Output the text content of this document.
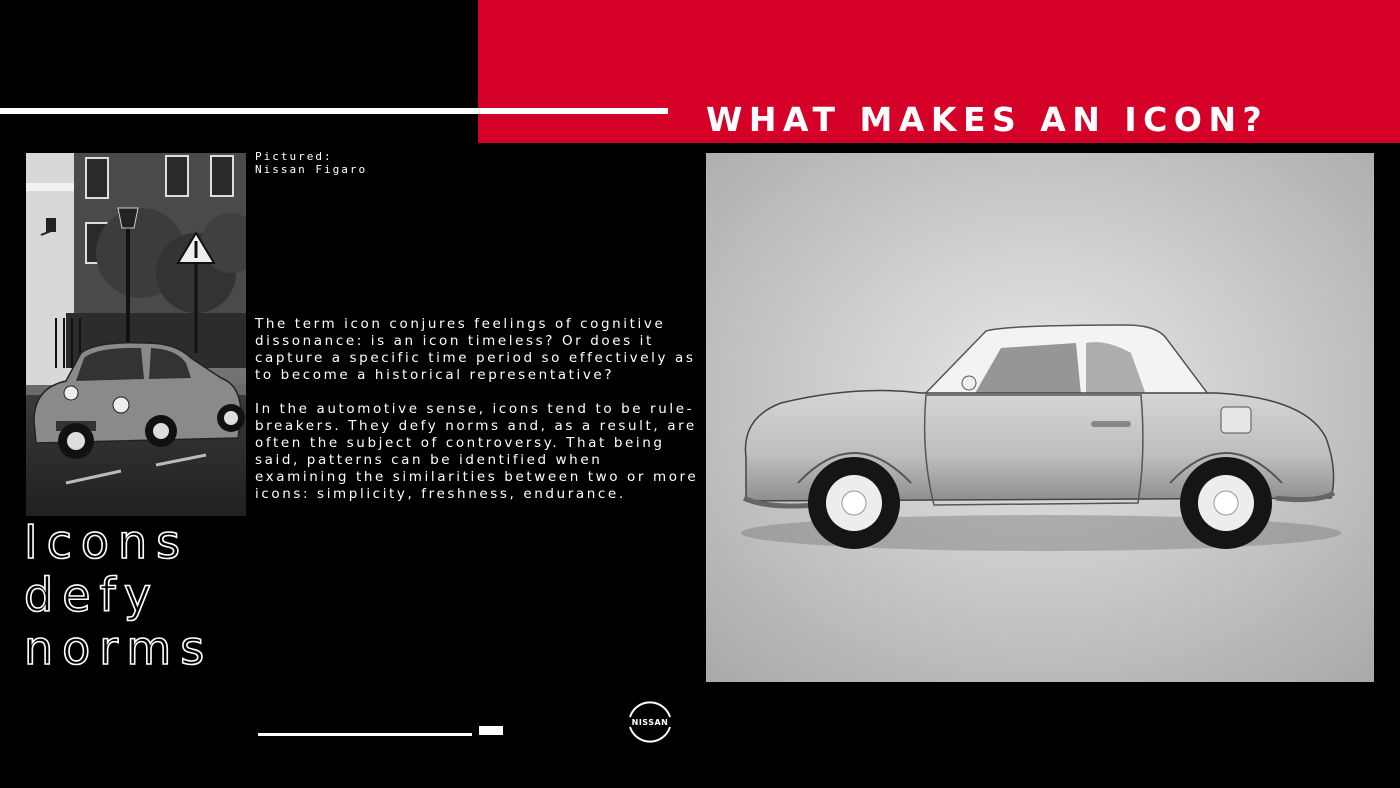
WHAT MAKES AN ICON?
Pictured:
Nissan Figaro

The term icon conjures feelings of cognitive dissonance: is an icon timeless? Or does it capture a specific time period so effectively as to become a historical representative?

In the automotive sense, icons tend to be rule-breakers. They defy norms and, as a result, are often the subject of controversy. That being said, patterns can be identified when examining the similarities between two or more icons: simplicity, freshness, endurance.

Icons
defy
norms
NISSAN
